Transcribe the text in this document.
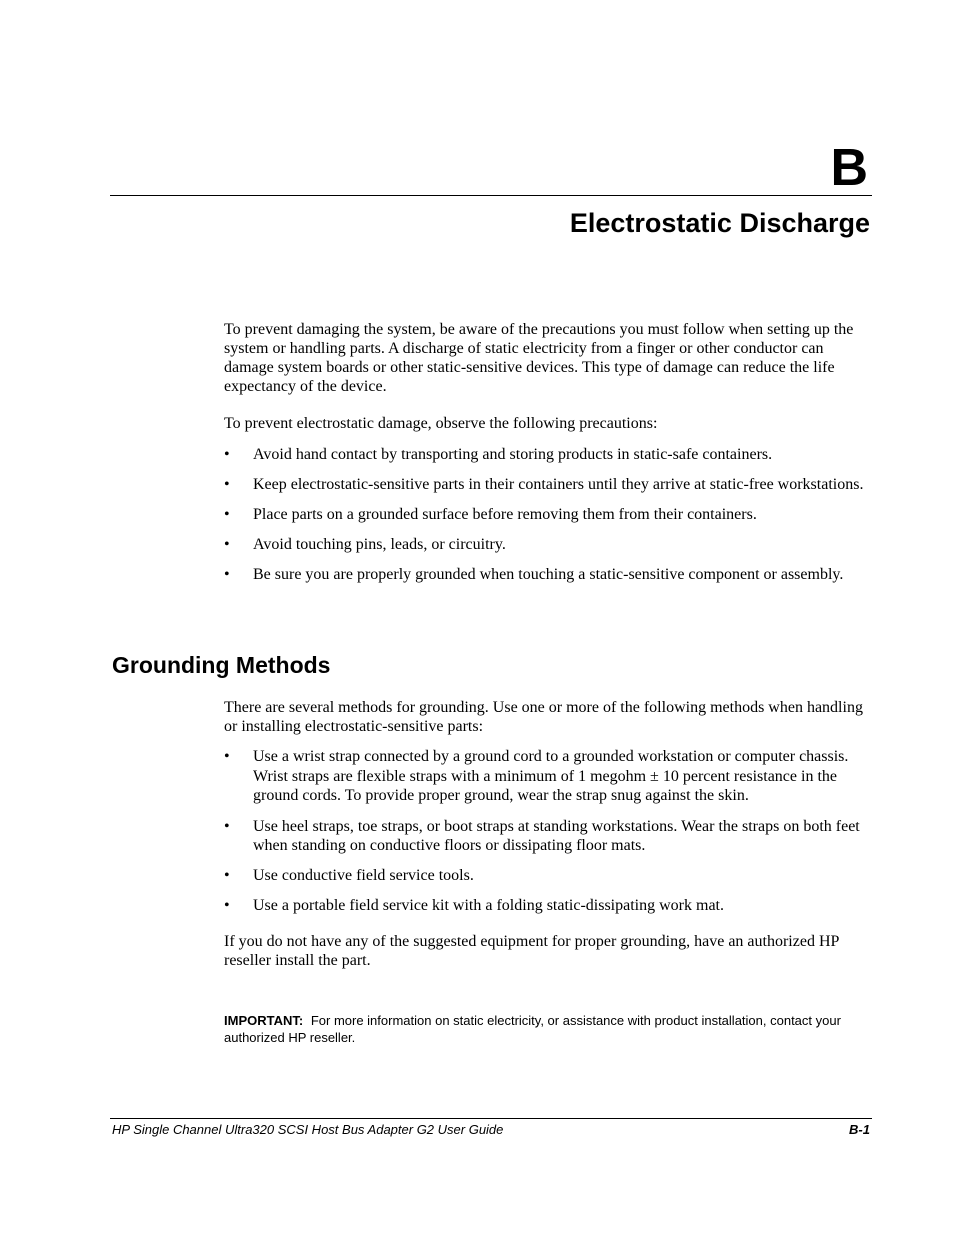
B
Electrostatic Discharge

To prevent damaging the system, be aware of the precautions you must follow when setting up the system or handling parts. A discharge of static electricity from a finger or other conductor can damage system boards or other static-sensitive devices. This type of damage can reduce the life expectancy of the device.

To prevent electrostatic damage, observe the following precautions:

• Avoid hand contact by transporting and storing products in static-safe containers.
• Keep electrostatic-sensitive parts in their containers until they arrive at static-free workstations.
• Place parts on a grounded surface before removing them from their containers.
• Avoid touching pins, leads, or circuitry.
• Be sure you are properly grounded when touching a static-sensitive component or assembly.
Grounding Methods

There are several methods for grounding. Use one or more of the following methods when handling or installing electrostatic-sensitive parts:

• Use a wrist strap connected by a ground cord to a grounded workstation or computer chassis. Wrist straps are flexible straps with a minimum of 1 megohm ± 10 percent resistance in the ground cords. To provide proper ground, wear the strap snug against the skin.
• Use heel straps, toe straps, or boot straps at standing workstations. Wear the straps on both feet when standing on conductive floors or dissipating floor mats.
• Use conductive field service tools.
• Use a portable field service kit with a folding static-dissipating work mat.

If you do not have any of the suggested equipment for proper grounding, have an authorized HP reseller install the part.

IMPORTANT: For more information on static electricity, or assistance with product installation, contact your authorized HP reseller.
HP Single Channel Ultra320 SCSI Host Bus Adapter G2 User Guide	B-1
